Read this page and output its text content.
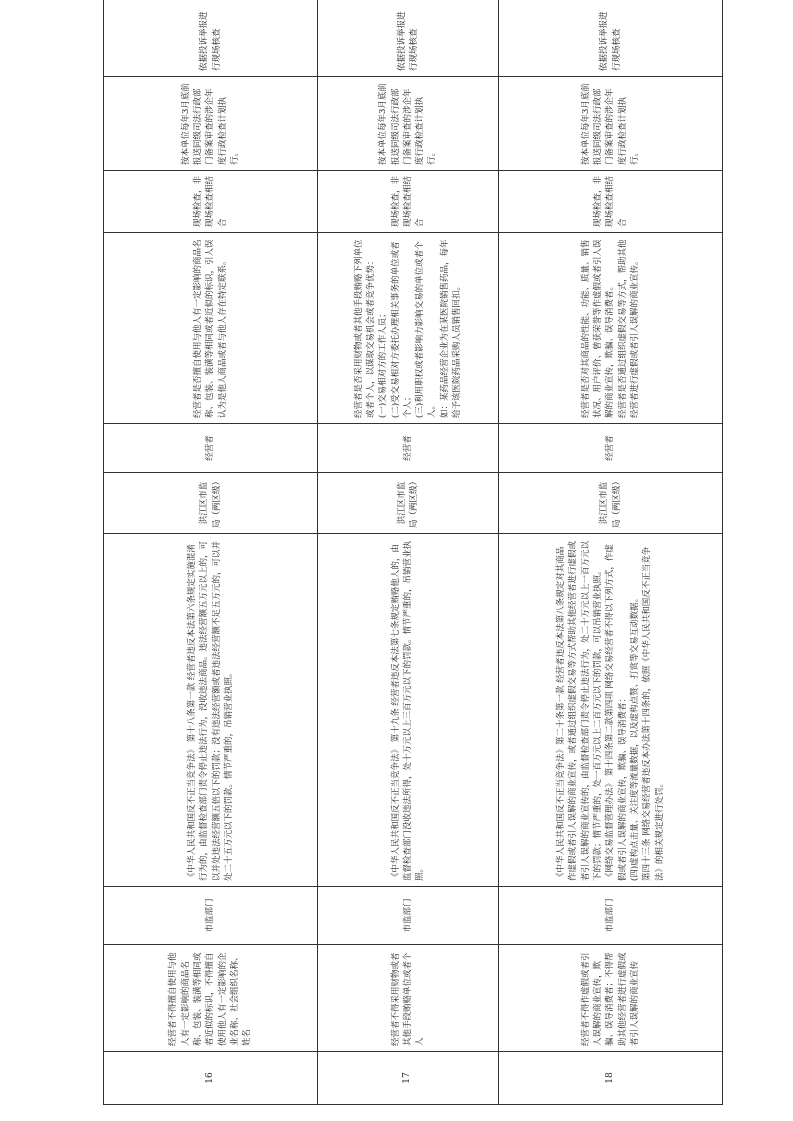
16	经营者不得擅自使用与他人有一定影响的商品名称、包装、装潢等相同或者近似的标识，不得擅自使用他人有一定影响的企业名称、社会组织名称、姓名	市监部门	《中华人民共和国反不正当竞争法》 第十八条第一款 经营者违反本法第六条规定实施混淆行为的，由监督检查部门责令停止违法行为，没收违法商品。违法经营额五万元以上的，可以并处违法经营额五倍以下的罚款；没有违法经营额或者违法经营额不足五万元的，可以并处二十五万元以下的罚款。情节严重的，吊销营业执照。	洪江区市监局（两区级）	经营者	经营者是否擅自使用与他人有一定影响的商品名称、包装、装潢等相同或者近似的标识，引人误认为是他人商品或者与他人存在特定联系。	现场检查，非现场检查相结合	按本单位每年3月底前报送同级司法行政部门备案审查的涉企年度行政检查计划执行。	依据投诉举报进行现场核查	
17	经营者不得采用财物或者其他手段贿赂单位或者个人	市监部门	《中华人民共和国反不正当竞争法》 第十九条 经营者违反本法第七条规定贿赂他人的，由监督检查部门没收违法所得，处十万元以上三百万元以下的罚款。情节严重的，吊销营业执照。	洪江区市监局（两区级）	经营者	经营者是否采用财物或者其他手段贿赂下列单位或者个人，以谋取交易机会或者竞争优势：
(一)交易相对方的工作人员；
(二)受交易相对方委托办理相关事务的单位或者个人；
(三)利用职权或者影响力影响交易的单位或者个人。
如：某药品经营企业为在某医院销售药品，每年给予该医院药品采购人员销售回扣。	现场检查，非现场检查相结合	按本单位每年3月底前报送同级司法行政部门备案审查的涉企年度行政检查计划执行。	依据投诉举报进行现场核查	
18	经营者不得作虚假或者引人误解的商业宣传，欺骗、误导消费者；不得帮助其他经营者进行虚假或者引人误解的商业宣传	市监部门	《中华人民共和国反不正当竞争法》第二十条第一款 经营者违反本法第八条规定对其商品作虚假或者引人误解的商业宣传，或者通过组织虚假交易等方式帮助其他经营者进行虚假或者引人误解的商业宣传的，由监督检查部门责令停止违法行为，处二十万元以上一百万元以下的罚款；情节严重的，处一百万元以上二百万元以下的罚款，可以吊销营业执照。
《网络交易监督管理办法》 第十四条第二款第四项 网络交易经营者不得以下列方式，作虚假或者引人误解的商业宣传，欺骗、误导消费者：
(四)虚构点击量、关注度等流量数据，以及虚构点赞、打赏等交易互动数据。
第四十三条 网络交易经营者违反本办法第十四条的，依照《中华人民共和国反不正当竞争法》的相关规定进行处罚。	洪江区市监局（两区级）	经营者	经营者是否对其商品的性能、功能、质量、销售状况、用户评价、曾获荣誉等作虚假或者引人误解的商业宣传，欺骗、误导消费者。
经营者是否通过组织虚假交易等方式，帮助其他经营者进行虚假或者引人误解的商业宣传。	现场检查，非现场检查相结合	按本单位每年3月底前报送同级司法行政部门备案审查的涉企年度行政检查计划执行。	依据投诉举报进行现场核查	
